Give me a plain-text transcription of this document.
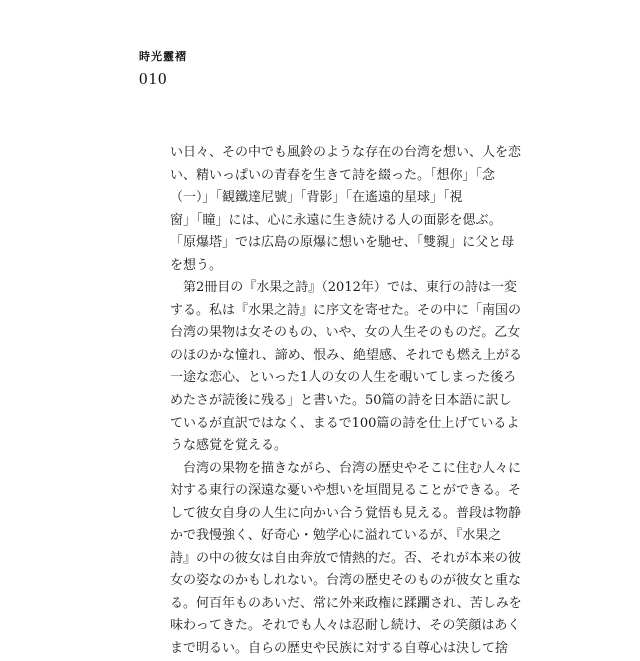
時光靈褶
010
い日々、その中でも風鈴のような存在の台湾を想い、人を恋
い、精いっぱいの青春を生きて詩を綴った。「想你」「念
（一）」「観鐵達尼號」「背影」「在遙遠的星球」「視
窗」「瞳」には、心に永遠に生き続ける人の面影を偲ぶ。
「原爆塔」では広島の原爆に想いを馳せ、「雙親」に父と母
を想う。
　第2冊目の『水果之詩』（2012年）では、東行の詩は一変
する。私は『水果之詩』に序文を寄せた。その中に「南国の
台湾の果物は女そのもの、いや、女の人生そのものだ。乙女
のほのかな憧れ、諦め、恨み、絶望感、それでも燃え上がる
一途な恋心、といった1人の女の人生を覗いてしまった後ろ
めたさが読後に残る」と書いた。50篇の詩を日本語に訳し
ているが直訳ではなく、まるで100篇の詩を仕上げているよ
うな感覚を覚える。
　台湾の果物を描きながら、台湾の歴史やそこに住む人々に
対する東行の深遠な憂いや想いを垣間見ることができる。そ
して彼女自身の人生に向かい合う覚悟も見える。普段は物静
かで我慢強く、好奇心・勉学心に溢れているが、『水果之
詩』の中の彼女は自由奔放で情熱的だ。否、それが本来の彼
女の姿なのかもしれない。台湾の歴史そのものが彼女と重な
る。何百年ものあいだ、常に外来政権に蹂躙され、苦しみを
味わってきた。それでも人々は忍耐し続け、その笑顔はあく
まで明るい。自らの歴史や民族に対する自尊心は決して捨
